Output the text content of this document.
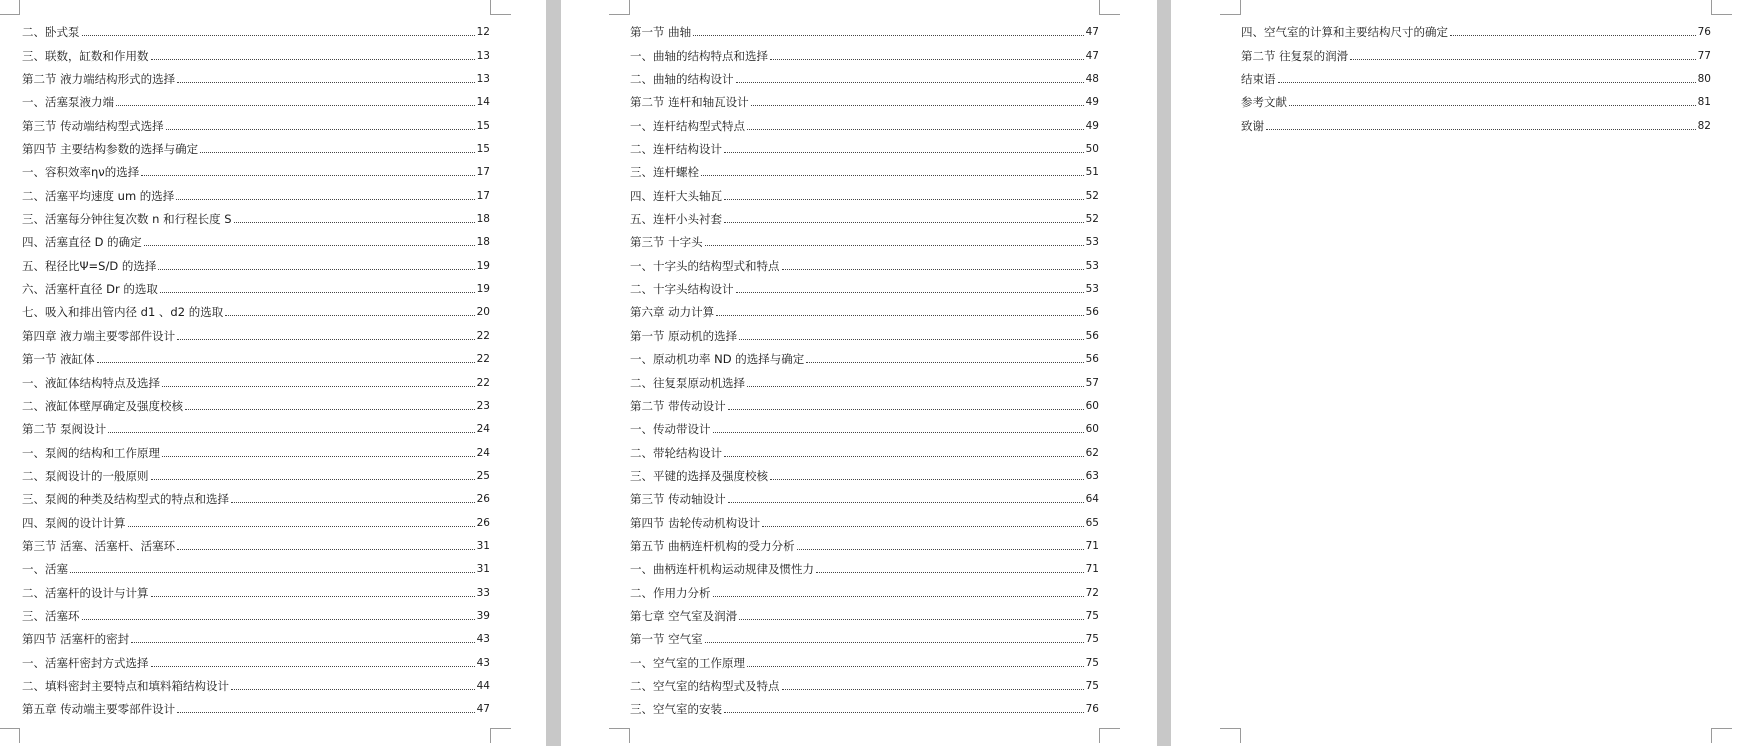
二、卧式泵	12
三、联数，缸数和作用数	13
第二节 液力端结构形式的选择	13
一、活塞泵液力端	14
第三节 传动端结构型式选择	15
第四节 主要结构参数的选择与确定	15
一、容积效率ην的选择	17
二、活塞平均速度 um 的选择	17
三、活塞每分钟往复次数 n 和行程长度 S	18
四、活塞直径 D 的确定	18
五、程径比Ψ=S/D 的选择	19
六、活塞杆直径 Dr 的选取	19
七、吸入和排出管内径 d1 、d2 的选取	20
第四章 液力端主要零部件设计	22
第一节 液缸体	22
一、液缸体结构特点及选择	22
二、液缸体壁厚确定及强度校核	23
第二节 泵阀设计	24
一、泵阀的结构和工作原理	24
二、泵阀设计的一般原则	25
三、泵阀的种类及结构型式的特点和选择	26
四、泵阀的设计计算	26
第三节 活塞、活塞杆、活塞环	31
一、活塞	31
二、活塞杆的设计与计算	33
三、活塞环	39
第四节 活塞杆的密封	43
一、活塞杆密封方式选择	43
二、填料密封主要特点和填料箱结构设计	44
第五章 传动端主要零部件设计	47
第一节 曲轴	47
一、曲轴的结构特点和选择	47
二、曲轴的结构设计	48
第二节 连杆和轴瓦设计	49
一、连杆结构型式特点	49
二、连杆结构设计	50
三、连杆螺栓	51
四、连杆大头轴瓦	52
五、连杆小头衬套	52
第三节 十字头	53
一、十字头的结构型式和特点	53
二、十字头结构设计	53
第六章 动力计算	56
第一节 原动机的选择	56
一、原动机功率 ND 的选择与确定	56
二、往复泵原动机选择	57
第二节 带传动设计	60
一、传动带设计	60
二、带轮结构设计	62
三、平键的选择及强度校核	63
第三节 传动轴设计	64
第四节 齿轮传动机构设计	65
第五节 曲柄连杆机构的受力分析	71
一、曲柄连杆机构运动规律及惯性力	71
二、作用力分析	72
第七章 空气室及润滑	75
第一节 空气室	75
一、空气室的工作原理	75
二、空气室的结构型式及特点	75
三、空气室的安装	76
四、空气室的计算和主要结构尺寸的确定	76
第二节 往复泵的润滑	77
结束语	80
参考文献	81
致谢	82
